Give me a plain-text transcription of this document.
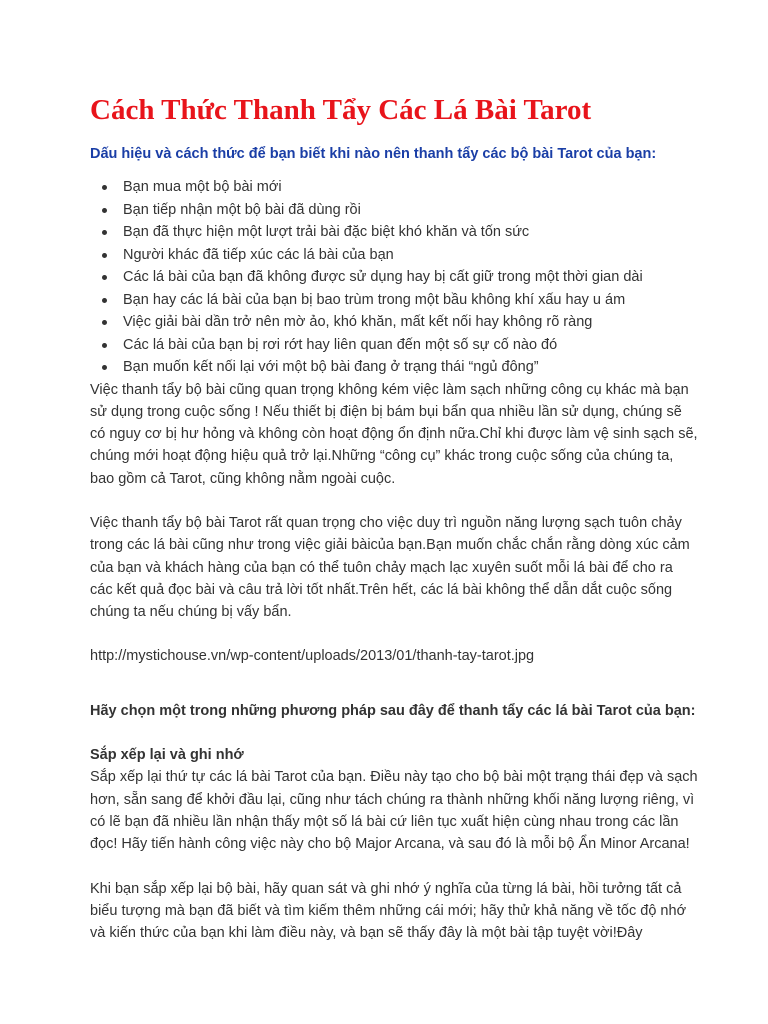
Cách Thức Thanh Tẩy Các Lá Bài Tarot

Dấu hiệu và cách thức để bạn biết khi nào nên thanh tẩy các bộ bài Tarot của bạn:

Bạn mua một bộ bài mới
Bạn tiếp nhận một bộ bài đã dùng rồi
Bạn đã thực hiện một lượt trải bài đặc biệt khó khăn và tốn sức
Người khác đã tiếp xúc các lá bài của bạn
Các lá bài của bạn đã không được sử dụng hay bị cất giữ trong một thời gian dài
Bạn hay các lá bài của bạn bị bao trùm trong một bầu không khí xấu hay u ám
Việc giải bài dần trở nên mờ ảo, khó khăn, mất kết nối hay không rõ ràng
Các lá bài của bạn bị rơi rớt hay liên quan đến một số sự cố nào đó
Bạn muốn kết nối lại với một bộ bài đang ở trạng thái “ngủ đông”

Việc thanh tẩy bộ bài cũng quan trọng không kém việc làm sạch những công cụ khác mà bạn sử dụng trong cuộc sống ! Nếu thiết bị điện bị bám bụi bẩn qua nhiều lần sử dụng, chúng sẽ có nguy cơ bị hư hỏng và không còn hoạt động ổn định nữa.Chỉ khi được làm vệ sinh sạch sẽ, chúng mới hoạt động hiệu quả trở lại.Những “công cụ” khác trong cuộc sống của chúng ta, bao gồm cả Tarot, cũng không nằm ngoài cuộc.

Việc thanh tẩy bộ bài Tarot rất quan trọng cho việc duy trì nguồn năng lượng sạch tuôn chảy trong các lá bài cũng như trong việc giải bàicủa bạn.Bạn muốn chắc chắn rằng dòng xúc cảm của bạn và khách hàng của bạn có thể tuôn chảy mạch lạc xuyên suốt mỗi lá bài để cho ra các kết quả đọc bài và câu trả lời tốt nhất.Trên hết, các lá bài không thể dẫn dắt cuộc sống chúng ta nếu chúng bị vấy bẩn.

http://mystichouse.vn/wp-content/uploads/2013/01/thanh-tay-tarot.jpg

Hãy chọn một trong những phương pháp sau đây để thanh tẩy các lá bài Tarot của bạn:

Sắp xếp lại và ghi nhớ

Sắp xếp lại thứ tự các lá bài Tarot của bạn. Điều này tạo cho bộ bài một trạng thái đẹp và sạch hơn, sẵn sang để khởi đầu lại, cũng như tách chúng ra thành những khối năng lượng riêng, vì có lẽ bạn đã nhiều lần nhận thấy một số lá bài cứ liên tục xuất hiện cùng nhau trong các lần đọc! Hãy tiến hành công việc này cho bộ Major Arcana, và sau đó là mỗi bộ Ẩn Minor Arcana!

Khi bạn sắp xếp lại bộ bài, hãy quan sát và ghi nhớ ý nghĩa của từng lá bài, hồi tưởng tất cả biểu tượng mà bạn đã biết và tìm kiếm thêm những cái mới; hãy thử khả năng về tốc độ nhớ và kiến thức của bạn khi làm điều này, và bạn sẽ thấy đây là một bài tập tuyệt vời!Đây
